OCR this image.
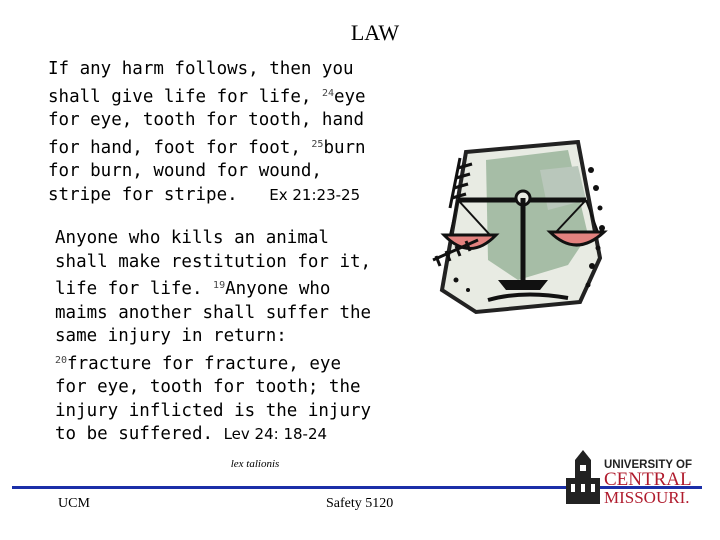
LAW
If any harm follows, then you shall give life for life, $^{24}$eye for eye, tooth for tooth, hand for hand, foot for foot, $^{25}$burn for burn, wound for wound, stripe for stripe. Ex 21:23-25
Anyone who kills an animal shall make restitution for it, life for life. $^{19}$Anyone who maims another shall suffer the same injury in return: $^{20}$fracture for fracture, eye for eye, tooth for tooth; the injury inflicted is the injury to be suffered. Lev 24: 18-24
lex talionis
UCM	Safety 5120
UNIVERSITY OF
CENTRAL
MISSOURI.
